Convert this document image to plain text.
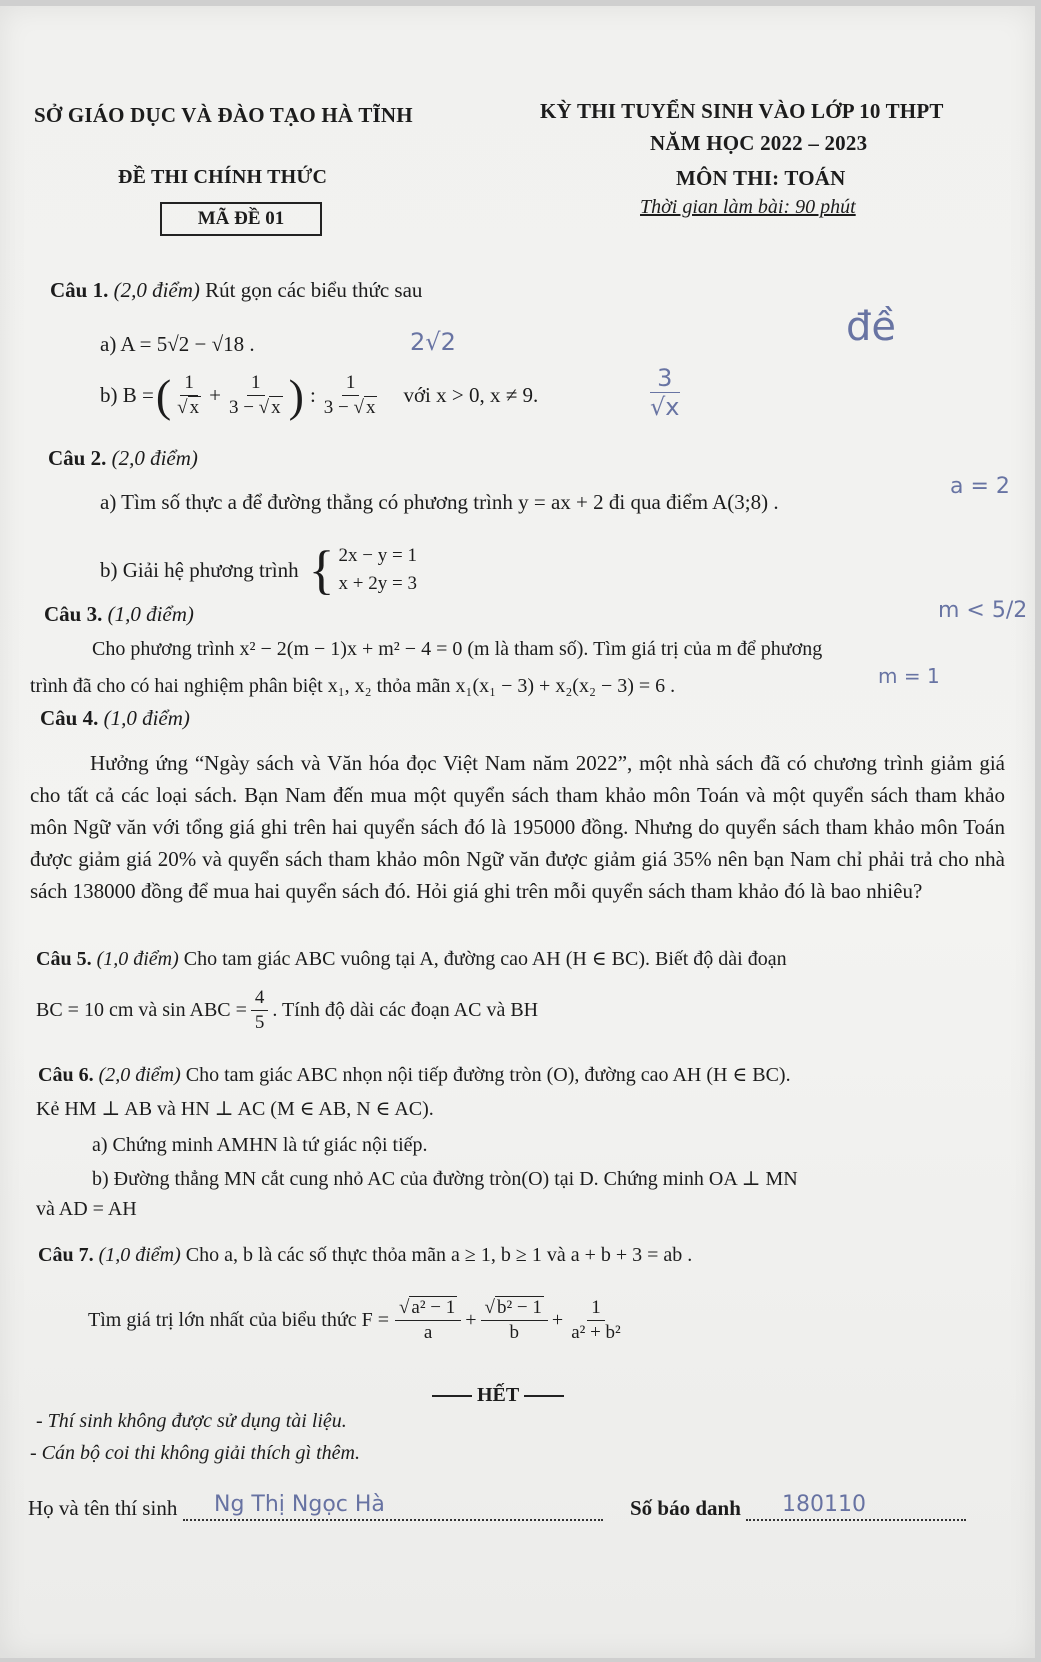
SỞ GIÁO DỤC VÀ ĐÀO TẠO HÀ TĨNH	KỲ THI TUYỂN SINH VÀO LỚP 10 THPT
NĂM HỌC 2022 – 2023
ĐỀ THI CHÍNH THỨC	MÔN THI: TOÁN
MÃ ĐỀ 01
Thời gian làm bài: 90 phút
Câu 1. (2,0 điểm) Rút gọn các biểu thức sau
a) A = 5√2 − √18 .
b) B = ( $\frac{1}{√ x} + \frac{1}{3 - √ x}$ ) : $\frac{1}{3 - √ x}$ với x > 0, x ≠ 9.
Câu 2. (2,0 điểm)
a) Tìm số thực a để đường thẳng có phương trình y = ax + 2 đi qua điểm A(3;8) .
b) Giải hệ phương trình { 2x − y = 1
x + 2y = 3
Câu 3. (1,0 điểm)
Cho phương trình x² − 2(m − 1)x + m² − 4 = 0 (m là tham số). Tìm giá trị của m để phương
trình đã cho có hai nghiệm phân biệt x₁, x₂ thỏa mãn x₁(x₁ − 3) + x₂(x₂ − 3) = 6 .
Câu 4. (1,0 điểm)
Hưởng ứng “Ngày sách và Văn hóa đọc Việt Nam năm 2022”, một nhà sách đã có chương trình giảm giá cho tất cả các loại sách. Bạn Nam đến mua một quyển sách tham khảo môn Toán và một quyển sách tham khảo môn Ngữ văn với tổng giá ghi trên hai quyển sách đó là 195000 đồng. Nhưng do quyển sách tham khảo môn Toán được giảm giá 20% và quyển sách tham khảo môn Ngữ văn được giảm giá 35% nên bạn Nam chỉ phải trả cho nhà sách 138000 đồng để mua hai quyển sách đó. Hỏi giá ghi trên mỗi quyển sách tham khảo đó là bao nhiêu?
Câu 5. (1,0 điểm) Cho tam giác ABC vuông tại A, đường cao AH (H ∈ BC). Biết độ dài đoạn
BC = 10 cm và sin ABC = $\frac{4}{5}$ . Tính độ dài các đoạn AC và BH
Câu 6. (2,0 điểm) Cho tam giác ABC nhọn nội tiếp đường tròn (O), đường cao AH (H ∈ BC).
Kẻ HM ⊥ AB và HN ⊥ AC (M ∈ AB, N ∈ AC).
a) Chứng minh AMHN là tứ giác nội tiếp.
b) Đường thẳng MN cắt cung nhỏ AC của đường tròn(O) tại D. Chứng minh OA ⊥ MN
và AD = AH
Câu 7. (1,0 điểm) Cho a, b là các số thực thỏa mãn a ≥ 1, b ≥ 1 và a + b + 3 = ab .
Tìm giá trị lớn nhất của biểu thức $F = \frac{\text{√ a² − 1}}{a} + \frac{\text{√ b² − 1}}{b} + \frac{1}{\text{a² + b²}}$
HẾT
- Thí sinh không được sử dụng tài liệu.
- Cán bộ coi thi không giải thích gì thêm.
Họ và tên thí sinh	Số báo danh
đề
2√2
$\frac{3}{√x}$
a = 2
m < 5/2
m = 1
Ng Thị Ngọc Hà	180110
